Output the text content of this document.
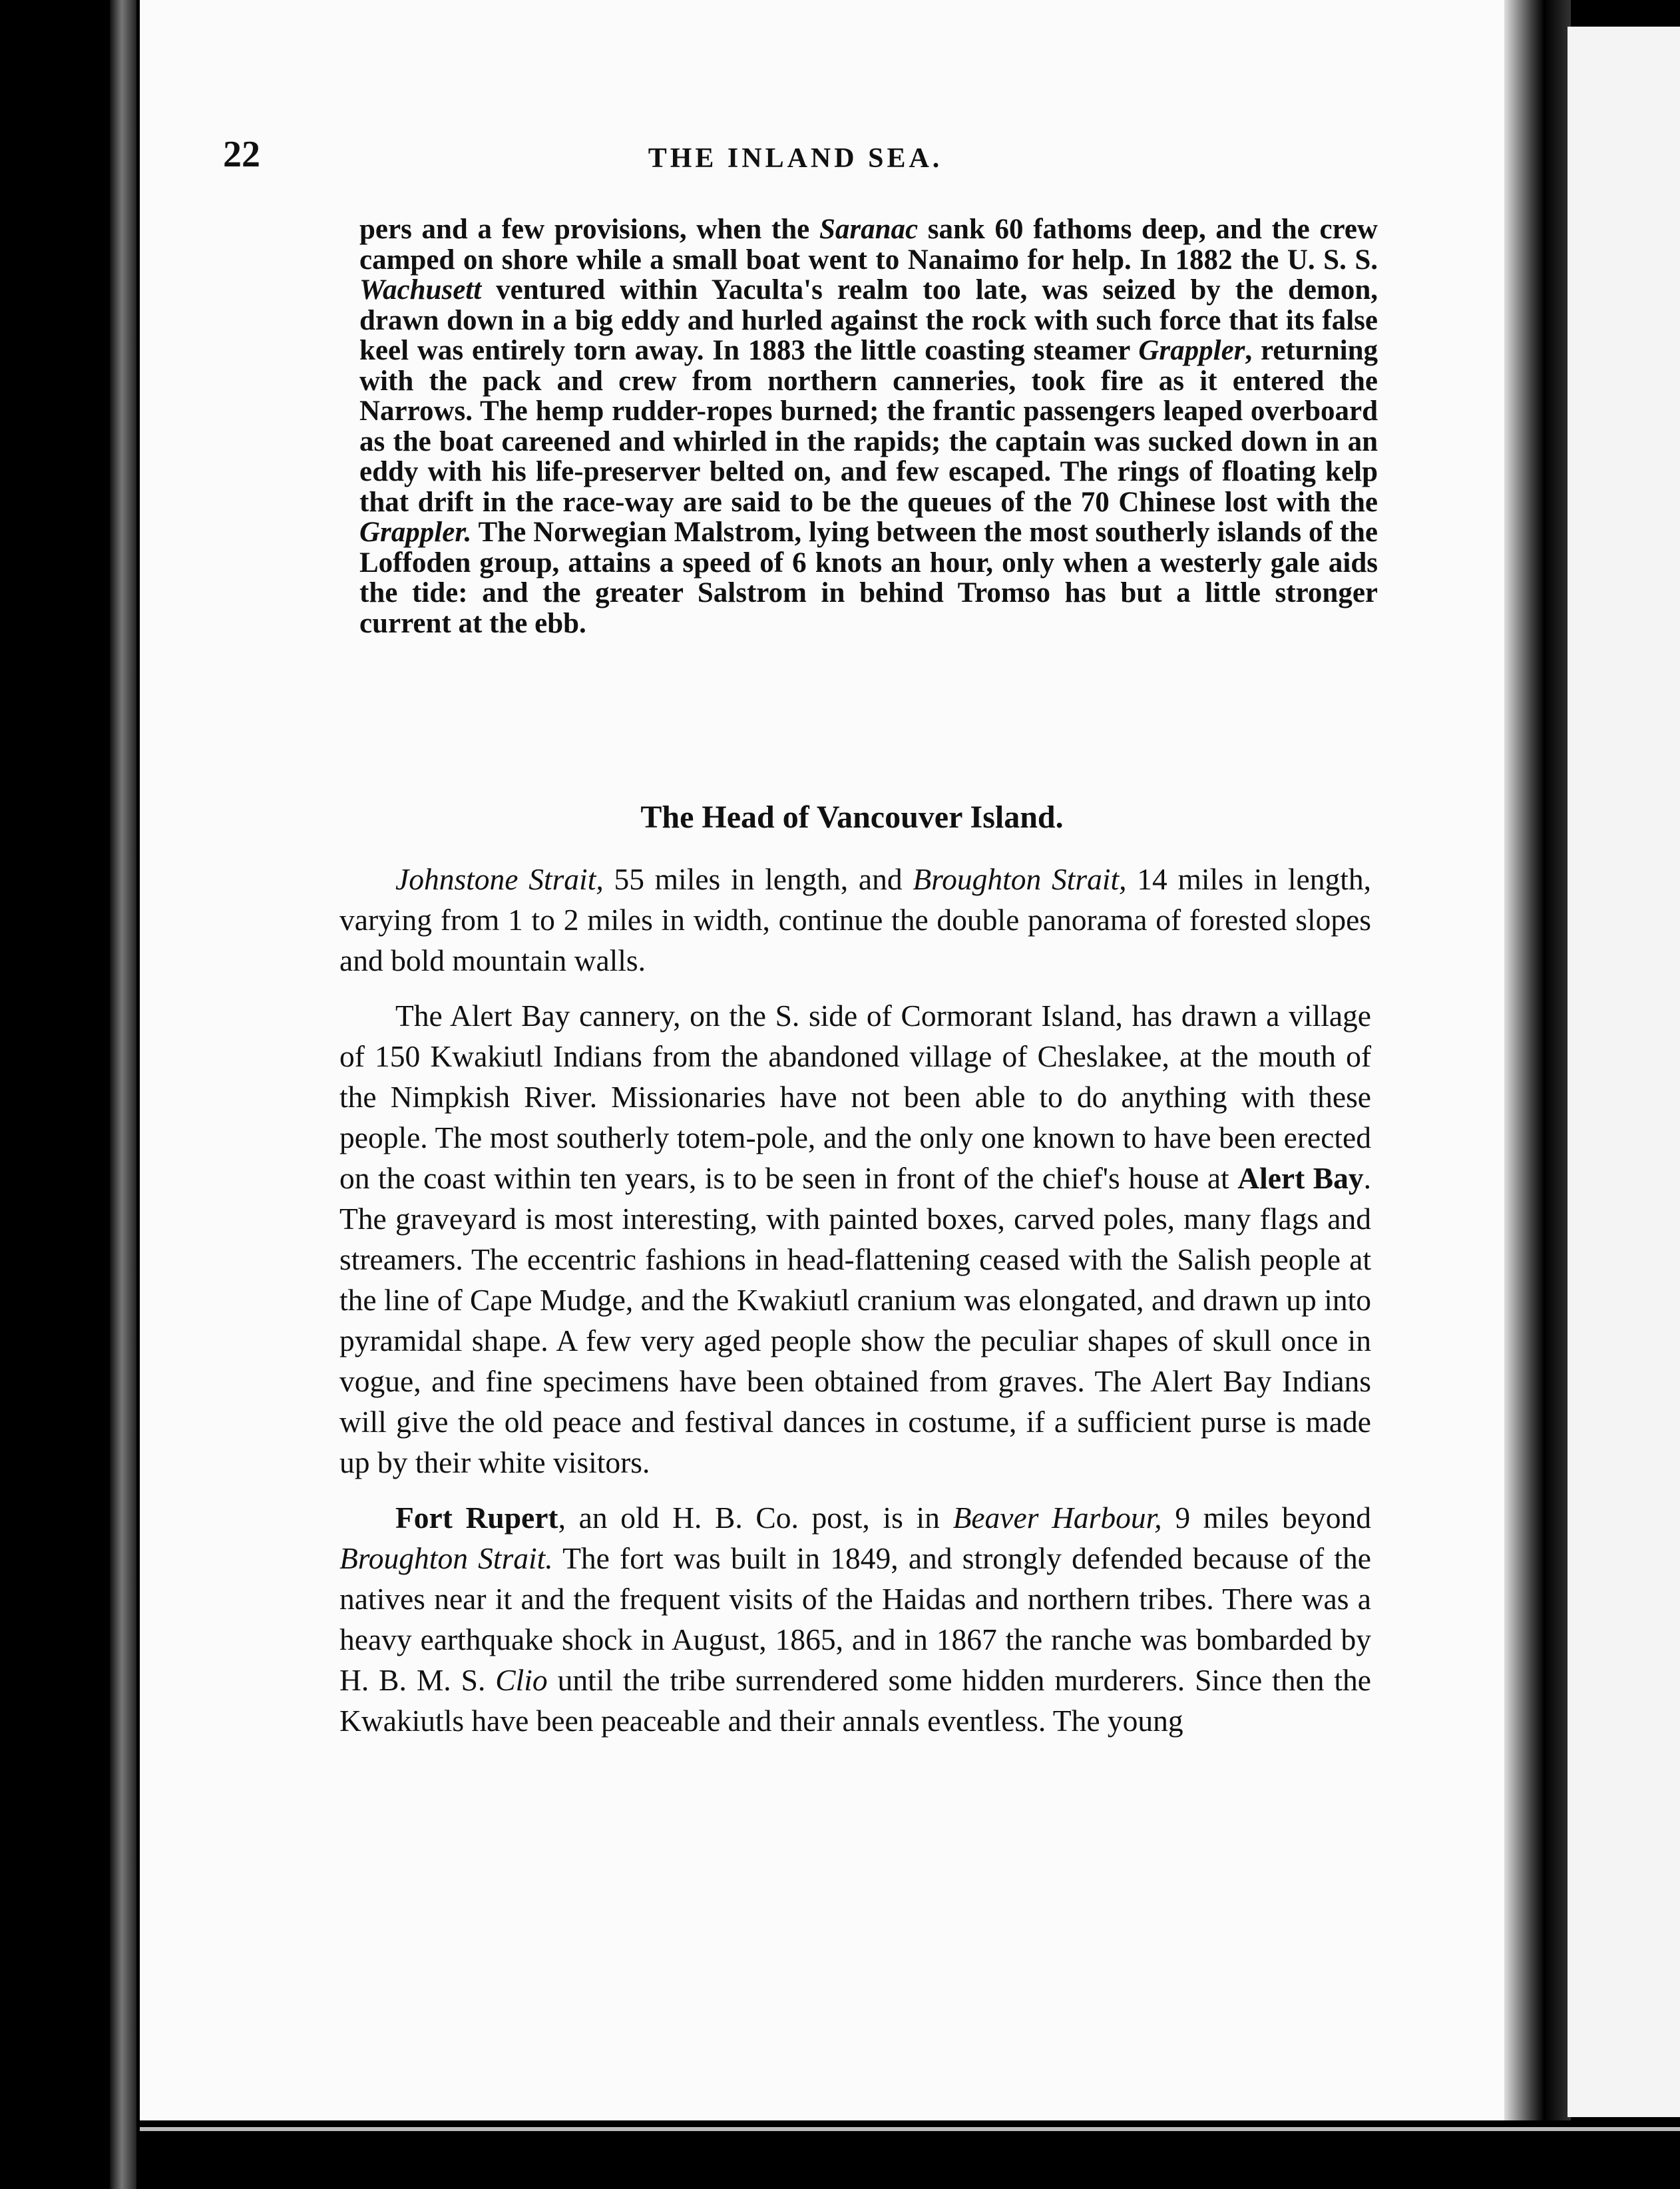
22	THE INLAND SEA.

pers and a few provisions, when the Saranac sank 60 fathoms deep, and the crew camped on shore while a small boat went to Nanaimo for help. In 1882 the U. S. S. Wachusett ventured within Yaculta's realm too late, was seized by the demon, drawn down in a big eddy and hurled against the rock with such force that its false keel was entirely torn away. In 1883 the little coasting steamer Grappler, returning with the pack and crew from northern canneries, took fire as it entered the Narrows. The hemp rudder-ropes burned; the frantic passengers leaped overboard as the boat careened and whirled in the rapids; the captain was sucked down in an eddy with his life-preserver belted on, and few escaped. The rings of floating kelp that drift in the race-way are said to be the queues of the 70 Chinese lost with the Grappler. The Norwegian Malstrom, lying between the most southerly islands of the Loffoden group, attains a speed of 6 knots an hour, only when a westerly gale aids the tide: and the greater Salstrom in behind Tromso has but a little stronger current at the ebb.

The Head of Vancouver Island.

Johnstone Strait, 55 miles in length, and Broughton Strait, 14 miles in length, varying from 1 to 2 miles in width, continue the double panorama of forested slopes and bold mountain walls.

The Alert Bay cannery, on the S. side of Cormorant Island, has drawn a village of 150 Kwakiutl Indians from the abandoned village of Cheslakee, at the mouth of the Nimpkish River. Missionaries have not been able to do anything with these people. The most southerly totem-pole, and the only one known to have been erected on the coast within ten years, is to be seen in front of the chief's house at Alert Bay. The graveyard is most interesting, with painted boxes, carved poles, many flags and streamers. The eccentric fashions in head-flattening ceased with the Salish people at the line of Cape Mudge, and the Kwakiutl cranium was elongated, and drawn up into pyramidal shape. A few very aged people show the peculiar shapes of skull once in vogue, and fine specimens have been obtained from graves. The Alert Bay Indians will give the old peace and festival dances in costume, if a sufficient purse is made up by their white visitors.

Fort Rupert, an old H. B. Co. post, is in Beaver Harbour, 9 miles beyond Broughton Strait. The fort was built in 1849, and strongly defended because of the natives near it and the frequent visits of the Haidas and northern tribes. There was a heavy earthquake shock in August, 1865, and in 1867 the ranche was bombarded by H. B. M. S. Clio until the tribe surrendered some hidden murderers. Since then the Kwakiutls have been peaceable and their annals eventless. The young
